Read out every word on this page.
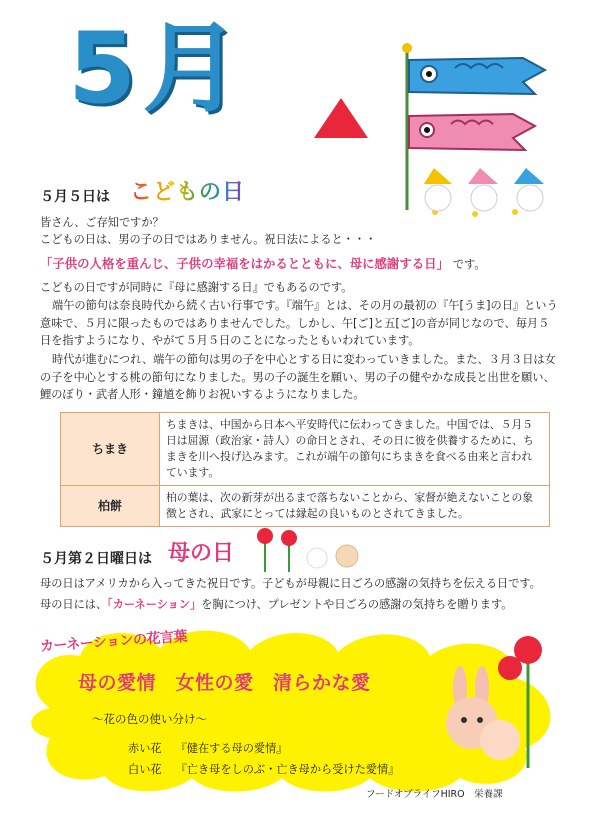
5月
５月５日は こどもの日
皆さん、ご存知ですか？
こどもの日は、男の子の日ではありません。祝日法によると・・・
「子供の人格を重んじ、子供の幸福をはかるとともに、母に感謝する日」 です。
こどもの日ですが同時に『母に感謝する日』でもあるのです。
端午の節句は奈良時代から続く古い行事です。『端午』とは、その月の最初の『午[うま]の日』という意味で、５月に限ったものではありませんでした。しかし、午[ご]と五[ご]の音が同じなので、毎月５日を指すようになり、やがて５月５日のことになったともいわれています。
時代が進むにつれ、端午の節句は男の子を中心とする日に変わっていきました。また、３月３日は女の子を中心とする桃の節句になりました。男の子の誕生を願い、男の子の健やかな成長と出世を願い、鯉のぼり・武者人形・鐘馗を飾りお祝いするようになりました。
ちまき	ちまきは、中国から日本へ平安時代に伝わってきました。中国では、５月５日は屈源（政治家・詩人）の命日とされ、その日に彼を供養するために、ちまきを川へ投げ込みます。これが端午の節句にちまきを食べる由来と言われています。
柏餅	柏の葉は、次の新芽が出るまで落ちないことから、家督が絶えないことの象徴とされ、武家にとっては縁起の良いものとされてきました。
５月第２日曜日は 母の日
母の日はアメリカから入ってきた祝日です。子どもが母親に日ごろの感謝の気持ちを伝える日です。
母の日には、「カーネーション」を胸につけ、プレゼントや日ごろの感謝の気持ちを贈ります。
カーネーションの花言葉
母の愛情　女性の愛　清らかな愛
～花の色の使い分け～
赤い花 『健在する母の愛情』
白い花 『亡き母をしのぶ・亡き母から受けた愛情』
フードオブライフHIRO　栄養課
